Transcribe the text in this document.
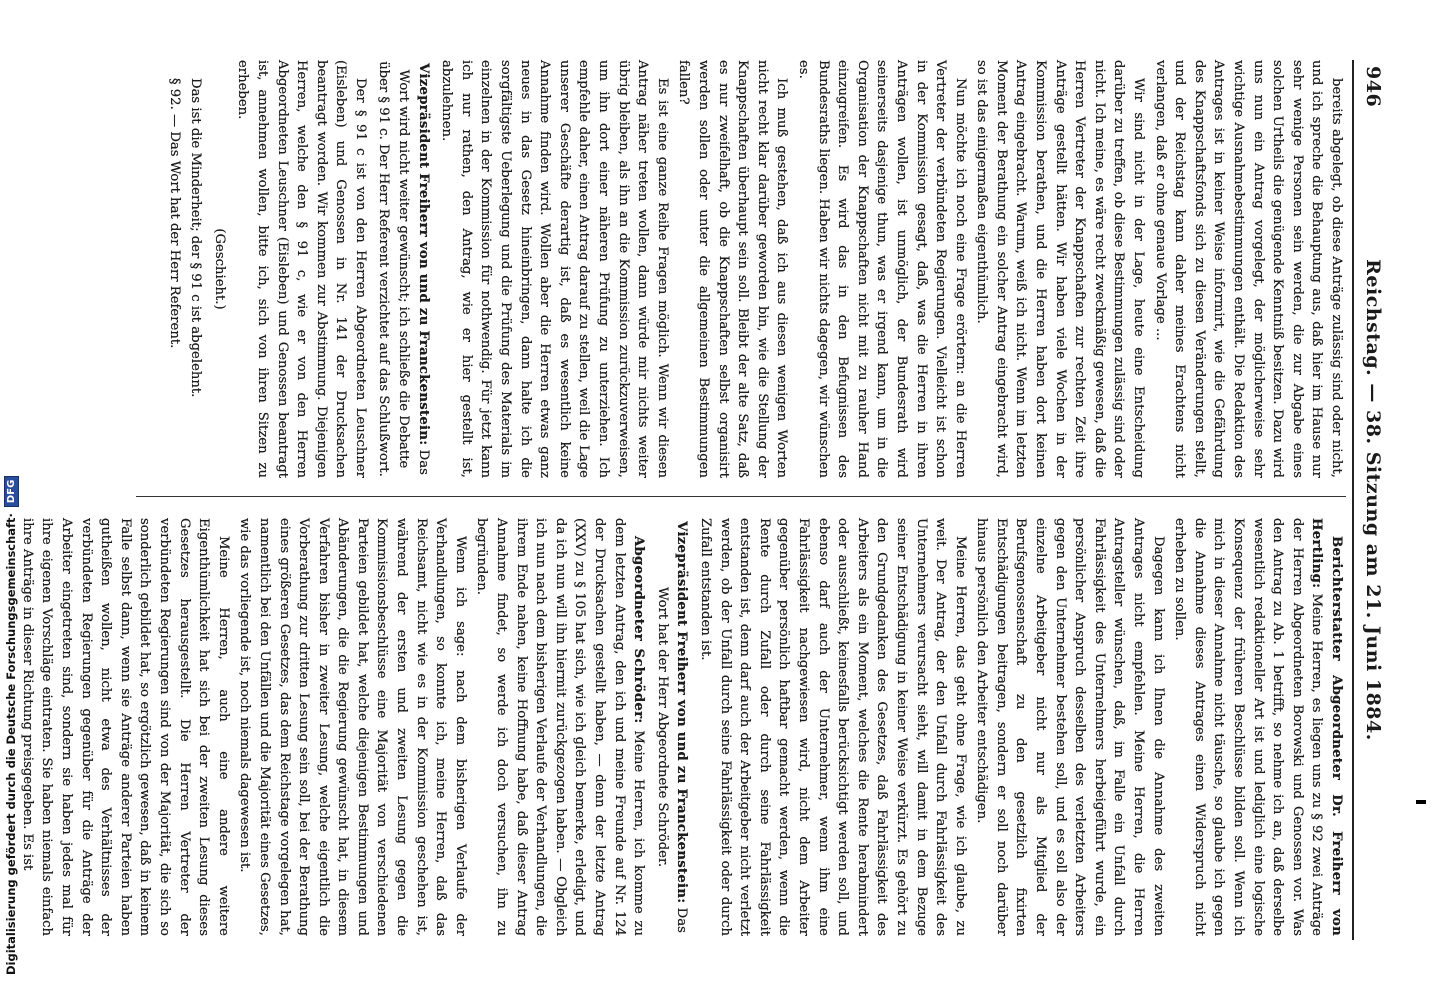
Digitalisierung gefördert durch die Deutsche Forschungsgemeinschaft
·
DFG
946
Reichstag. — 38. Sitzung am 21. Juni 1884.

bereits abgelegt, ob diese Anträge zulässig sind oder nicht, und ich spreche die Behauptung aus, daß hier im Hause nur sehr wenige Personen sein werden, die zur Abgabe eines solchen Urtheils die genügende Kenntniß besitzen. Dazu wird uns nun ein Antrag vorgelegt, der möglicherweise sehr wichtige Ausnahmebestimmungen enthält. Die Redaktion des Antrages ist in keiner Weise informirt, wie die Gefährdung des Knappschaftsfonds sich zu diesen Veränderungen stellt, und der Reichstag kann daher meines Erachtens nicht verlangen, daß er ohne genaue Vorlage ...

Wir sind nicht in der Lage, heute eine Entscheidung darüber zu treffen, ob diese Bestimmungen zulässig sind oder nicht. Ich meine, es wäre recht zweckmäßig gewesen, daß die Herren Vertreter der Knappschaften zur rechten Zeit ihre Anträge gestellt hätten. Wir haben viele Wochen in der Kommission berathen, und die Herren haben dort keinen Antrag eingebracht. Warum, weiß ich nicht. Wenn im letzten Moment der Berathung ein solcher Antrag eingebracht wird, so ist das einigermaßen eigenthümlich.

Nun möchte ich noch eine Frage erörtern: an die Herren Vertreter der verbündeten Regierungen. Vielleicht ist schon in der Kommission gesagt, daß, was die Herren in ihren Anträgen wollen, ist unmöglich, der Bundesrath wird seinerseits dasjenige thun, was er irgend kann, um in die Organisation der Knappschaften nicht mit zu rauher Hand einzugreifen. Es wird das in den Befugnissen des Bundesraths liegen. Haben wir nichts dagegen, wir wünschen es.

Ich muß gestehen, daß ich aus diesen wenigen Worten nicht recht klar darüber geworden bin, wie die Stellung der Knappschaften überhaupt sein soll. Bleibt der alte Satz, daß es nur zweifelhaft, ob die Knappschaften selbst organisirt werden sollen oder unter die allgemeinen Bestimmungen fallen?

Es ist eine ganze Reihe Fragen möglich. Wenn wir diesen Antrag näher treten wollen, dann würde mir nichts weiter übrig bleiben, als ihn an die Kommission zurückzuverweisen, um ihn dort einer näheren Prüfung zu unterziehen. Ich empfehle daher, einen Antrag darauf zu stellen, weil die Lage unserer Geschäfte derartig ist, daß es wesentlich keine Annahme finden wird. Wollen aber die Herren etwas ganz neues in das Gesetz hineinbringen, dann halte ich die sorgfältigste Ueberlegung und die Prüfung des Materials im einzelnen in der Kommission für nothwendig. Für jetzt kann ich nur rathen, den Antrag, wie er hier gestellt ist, abzulehnen.

Vizepräsident Freiherr von und zu Franckenstein: Das Wort wird nicht weiter gewünscht; ich schließe die Debatte über § 91 c. Der Herr Referent verzichtet auf das Schlußwort.

Der § 91 c ist von den Herren Abgeordneten Leuschner (Eisleben) und Genossen in Nr. 141 der Drucksachen beantragt worden. Wir kommen zur Abstimmung. Diejenigen Herren, welche den § 91 c, wie er von den Herren Abgeordneten Leuschner (Eisleben) und Genossen beantragt ist, annehmen wollen, bitte ich, sich von ihren Sitzen zu erheben.

(Geschieht.)

Das ist die Minderheit; der § 91 c ist abgelehnt.

§ 92. — Das Wort hat der Herr Referent.

Berichterstatter Abgeordneter Dr. Freiherr von Hertling: Meine Herren, es liegen uns zu § 92 zwei Anträge der Herren Abgeordneten Borowski und Genossen vor. Was den Antrag zu Ab. 1 betrifft, so nehme ich an, daß derselbe wesentlich redaktioneller Art ist und lediglich eine logische Konsequenz der früheren Beschlüsse bilden soll. Wenn ich mich in dieser Annahme nicht täusche, so glaube ich gegen die Annahme dieses Antrages einen Widerspruch nicht erheben zu sollen.

Dagegen kann ich Ihnen die Annahme des zweiten Antrages nicht empfehlen. Meine Herren, die Herren Antragsteller wünschen, daß, im Falle ein Unfall durch Fahrlässigkeit des Unternehmers herbeigeführt wurde, ein persönlicher Anspruch desselben des verletzten Arbeiters gegen den Unternehmer bestehen soll, und es soll also der einzelne Arbeitgeber nicht nur als Mitglied der Berufsgenossenschaft zu den gesetzlich fixirten Entschädigungen beitragen, sondern er soll noch darüber hinaus persönlich den Arbeiter entschädigen.

Meine Herren, das geht ohne Frage, wie ich glaube, zu weit. Der Antrag, der den Unfall durch Fahrlässigkeit des Unternehmers verursacht sieht, will damit in dem Bezuge seiner Entschädigung in keiner Weise verkürzt. Es gehört zu den Grundgedanken des Gesetzes, daß Fahrlässigkeit des Arbeiters als ein Moment, welches die Rente herabmindert oder ausschließt, keinesfalls berücksichtigt werden soll, und ebenso darf auch der Unternehmer, wenn ihm eine Fahrlässigkeit nachgewiesen wird, nicht dem Arbeiter gegenüber persönlich haftbar gemacht werden, wenn die Rente durch Zufall oder durch seine Fahrlässigkeit entstanden ist, denn darf auch der Arbeitgeber nicht verletzt werden, ob der Unfall durch seine Fahrlässigkeit oder durch Zufall entstanden ist.

Vizepräsident Freiherr von und zu Franckenstein: Das Wort hat der Herr Abgeordnete Schröder.

Abgeordneter Schröder: Meine Herren, ich komme zu dem letzten Antrag, den ich und meine Freunde auf Nr. 124 der Drucksachen gestellt haben, — denn der letzte Antrag (XXV) zu § 105 hat sich, wie ich gleich bemerke, erledigt, und da ich nun will ihn hiermit zurückgezogen haben. — Obgleich ich nun nach dem bisherigen Verlaufe der Verhandlungen, die ihrem Ende nahen, keine Hoffnung habe, daß dieser Antrag Annahme findet, so werde ich doch versuchen, ihn zu begründen.

Wenn ich sage: nach dem bisherigen Verlaufe der Verhandlungen, so konnte ich, meine Herren, daß das Reichsamt, nicht wie es in der Kommission geschehen ist, während der ersten und zweiten Lesung gegen die Kommissionsbeschlüsse eine Majorität von verschiedenen Parteien gebildet hat, welche diejenigen Bestimmungen und Abänderungen, die die Regierung gewünscht hat, in diesem Verfahren bisher in zweiter Lesung, welche eigentlich die Vorberathung zur dritten Lesung sein soll, bei der Berathung eines größeren Gesetzes, das dem Reichstage vorgelegen hat, namentlich bei den Unfällen und die Majorität eines Gesetzes, wie das vorliegende ist, noch niemals dagewesen ist.

Meine Herren, auch eine andere weitere Eigenthümlichkeit hat sich bei der zweiten Lesung dieses Gesetzes herausgestellt. Die Herren Vertreter der verbündeten Regierungen sind von der Majorität, die sich so sonderlich gebildet hat, so ergötzlich gewesen, daß in keinem Falle selbst dann, wenn sie Anträge anderer Parteien haben gutheißen wollen, nicht etwa des Verhältnisses der verbündeten Regierungen gegenüber für die Anträge der Arbeiter eingetreten sind, sondern sie haben jedes mal für ihre eigenen Vorschläge eintraten. Sie haben niemals einfach ihre Anträge in dieser Richtung preisgegeben. Es ist
